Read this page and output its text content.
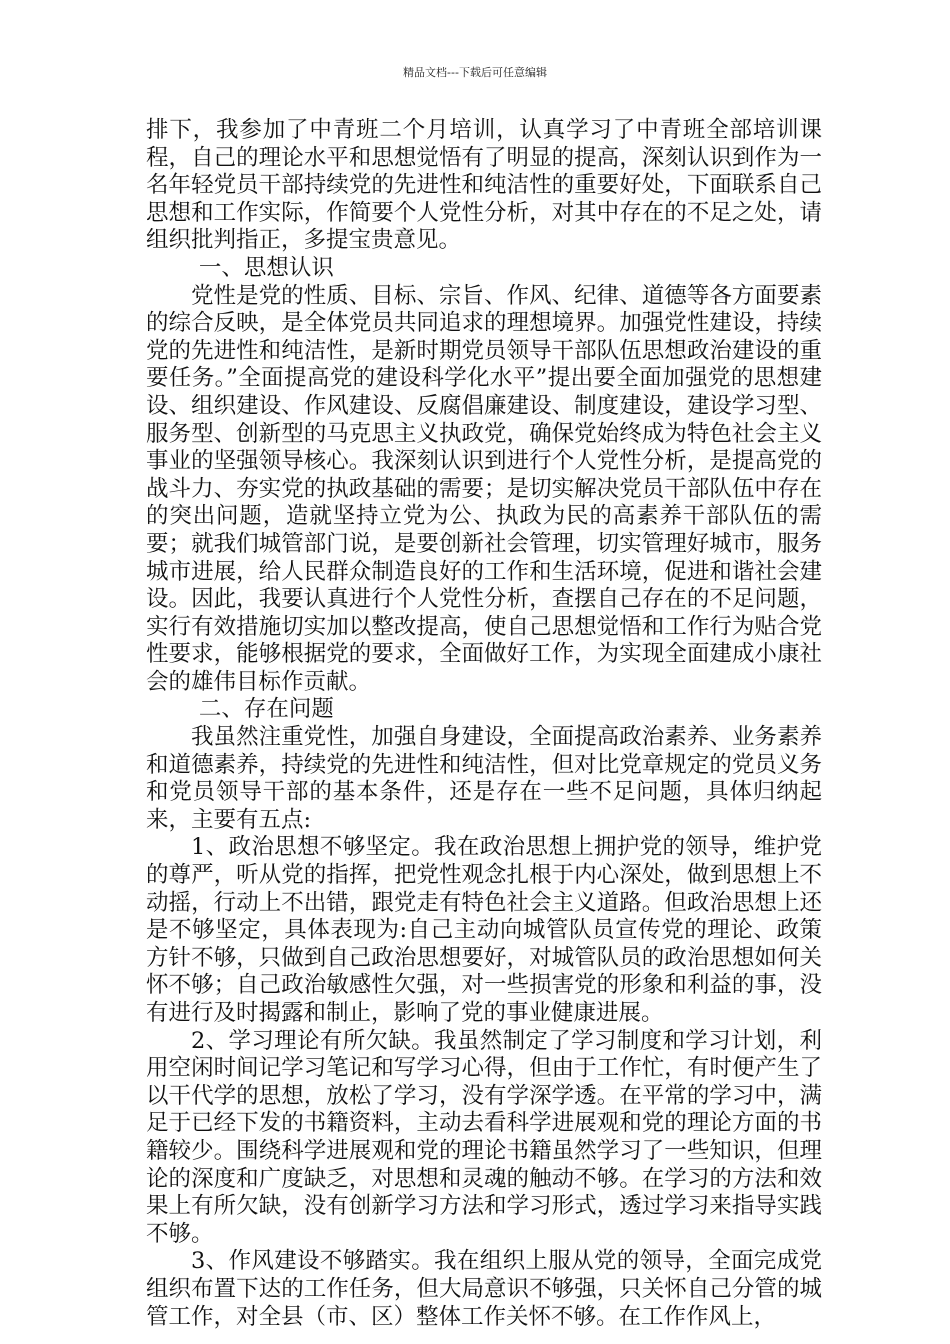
精品文档---下载后可任意编辑

排下，我参加了中青班二个月培训，认真学习了中青班全部培训课程，自己的理论水平和思想觉悟有了明显的提高，深刻认识到作为一名年轻党员干部持续党的先进性和纯洁性的重要好处，下面联系自己思想和工作实际，作简要个人党性分析，对其中存在的不足之处，请组织批判指正，多提宝贵意见。

一、思想认识

党性是党的性质、目标、宗旨、作风、纪律、道德等各方面要素的综合反映，是全体党员共同追求的理想境界。加强党性建设，持续党的先进性和纯洁性，是新时期党员领导干部队伍思想政治建设的重要任务。”全面提高党的建设科学化水平”提出要全面加强党的思想建设、组织建设、作风建设、反腐倡廉建设、制度建设，建设学习型、服务型、创新型的马克思主义执政党，确保党始终成为特色社会主义事业的坚强领导核心。我深刻认识到进行个人党性分析，是提高党的战斗力、夯实党的执政基础的需要；是切实解决党员干部队伍中存在的突出问题，造就坚持立党为公、执政为民的高素养干部队伍的需要；就我们城管部门说，是要创新社会管理，切实管理好城市，服务城市进展，给人民群众制造良好的工作和生活环境，促进和谐社会建设。因此，我要认真进行个人党性分析，查摆自己存在的不足问题，实行有效措施切实加以整改提高，使自己思想觉悟和工作行为贴合党性要求，能够根据党的要求，全面做好工作，为实现全面建成小康社会的雄伟目标作贡献。

二、存在问题

我虽然注重党性，加强自身建设，全面提高政治素养、业务素养和道德素养，持续党的先进性和纯洁性，但对比党章规定的党员义务和党员领导干部的基本条件，还是存在一些不足问题，具体归纳起来，主要有五点:

1、政治思想不够坚定。我在政治思想上拥护党的领导，维护党的尊严，听从党的指挥，把党性观念扎根于内心深处，做到思想上不动摇，行动上不出错，跟党走有特色社会主义道路。但政治思想上还是不够坚定，具体表现为:自己主动向城管队员宣传党的理论、政策方针不够，只做到自己政治思想要好，对城管队员的政治思想如何关怀不够；自己政治敏感性欠强，对一些损害党的形象和利益的事，没有进行及时揭露和制止，影响了党的事业健康进展。

2、学习理论有所欠缺。我虽然制定了学习制度和学习计划，利用空闲时间记学习笔记和写学习心得，但由于工作忙，有时便产生了以干代学的思想，放松了学习，没有学深学透。在平常的学习中，满足于已经下发的书籍资料，主动去看科学进展观和党的理论方面的书籍较少。围绕科学进展观和党的理论书籍虽然学习了一些知识，但理论的深度和广度缺乏，对思想和灵魂的触动不够。在学习的方法和效果上有所欠缺，没有创新学习方法和学习形式，透过学习来指导实践不够。

3、作风建设不够踏实。我在组织上服从党的领导，全面完成党组织布置下达的工作任务，但大局意识不够强，只关怀自己分管的城管工作，对全县（市、区）整体工作关怀不够。在工作作风上，
